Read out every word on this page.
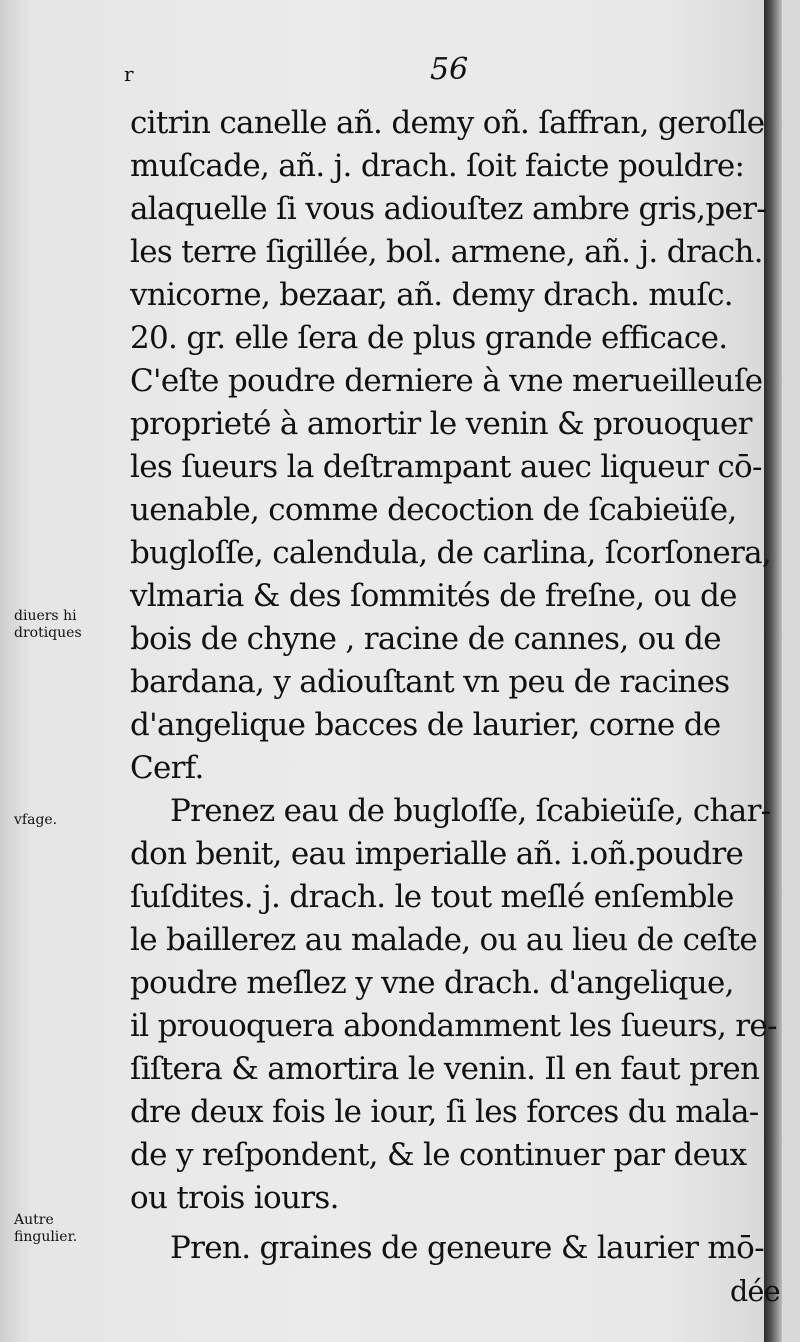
r	56
diuers hi
drotiques
vfage.
Autre
fingulier.
citrin canelle añ. demy oñ. ſaffran, geroſle
muſcade, añ. j. drach. ſoit faicte pouldre:
alaquelle ſi vous adiouſtez ambre gris,per-
les terre ſigillée, bol. armene, añ. j. drach.
vnicorne, bezaar, añ. demy drach. muſc.
20. gr. elle ſera de plus grande efficace.
C'eſte poudre derniere à vne merueilleuſe
proprieté à amortir le venin & prouoquer
les ſueurs la deſtrampant auec liqueur cō-
uenable, comme decoction de ſcabieüſe,
bugloſſe, calendula, de carlina, ſcorſonera,
vlmaria & des ſommités de freſne, ou de
bois de chyne , racine de cannes, ou de
bardana, y adiouſtant vn peu de racines
d'angelique bacces de laurier, corne de
Cerf.
Prenez eau de bugloſſe, ſcabieüſe, char-
don benit, eau imperialle añ. i.oñ.poudre
ſuſdites. j. drach. le tout meſlé enſemble
le baillerez au malade, ou au lieu de ceſte
poudre meſlez y vne drach. d'angelique,
il prouoquera abondamment les ſueurs, re-
ſiſtera & amortira le venin. Il en faut pren
dre deux fois le iour, ſi les forces du mala-
de y reſpondent, & le continuer par deux
ou trois iours.
Pren. graines de geneure & laurier mō-
dée
